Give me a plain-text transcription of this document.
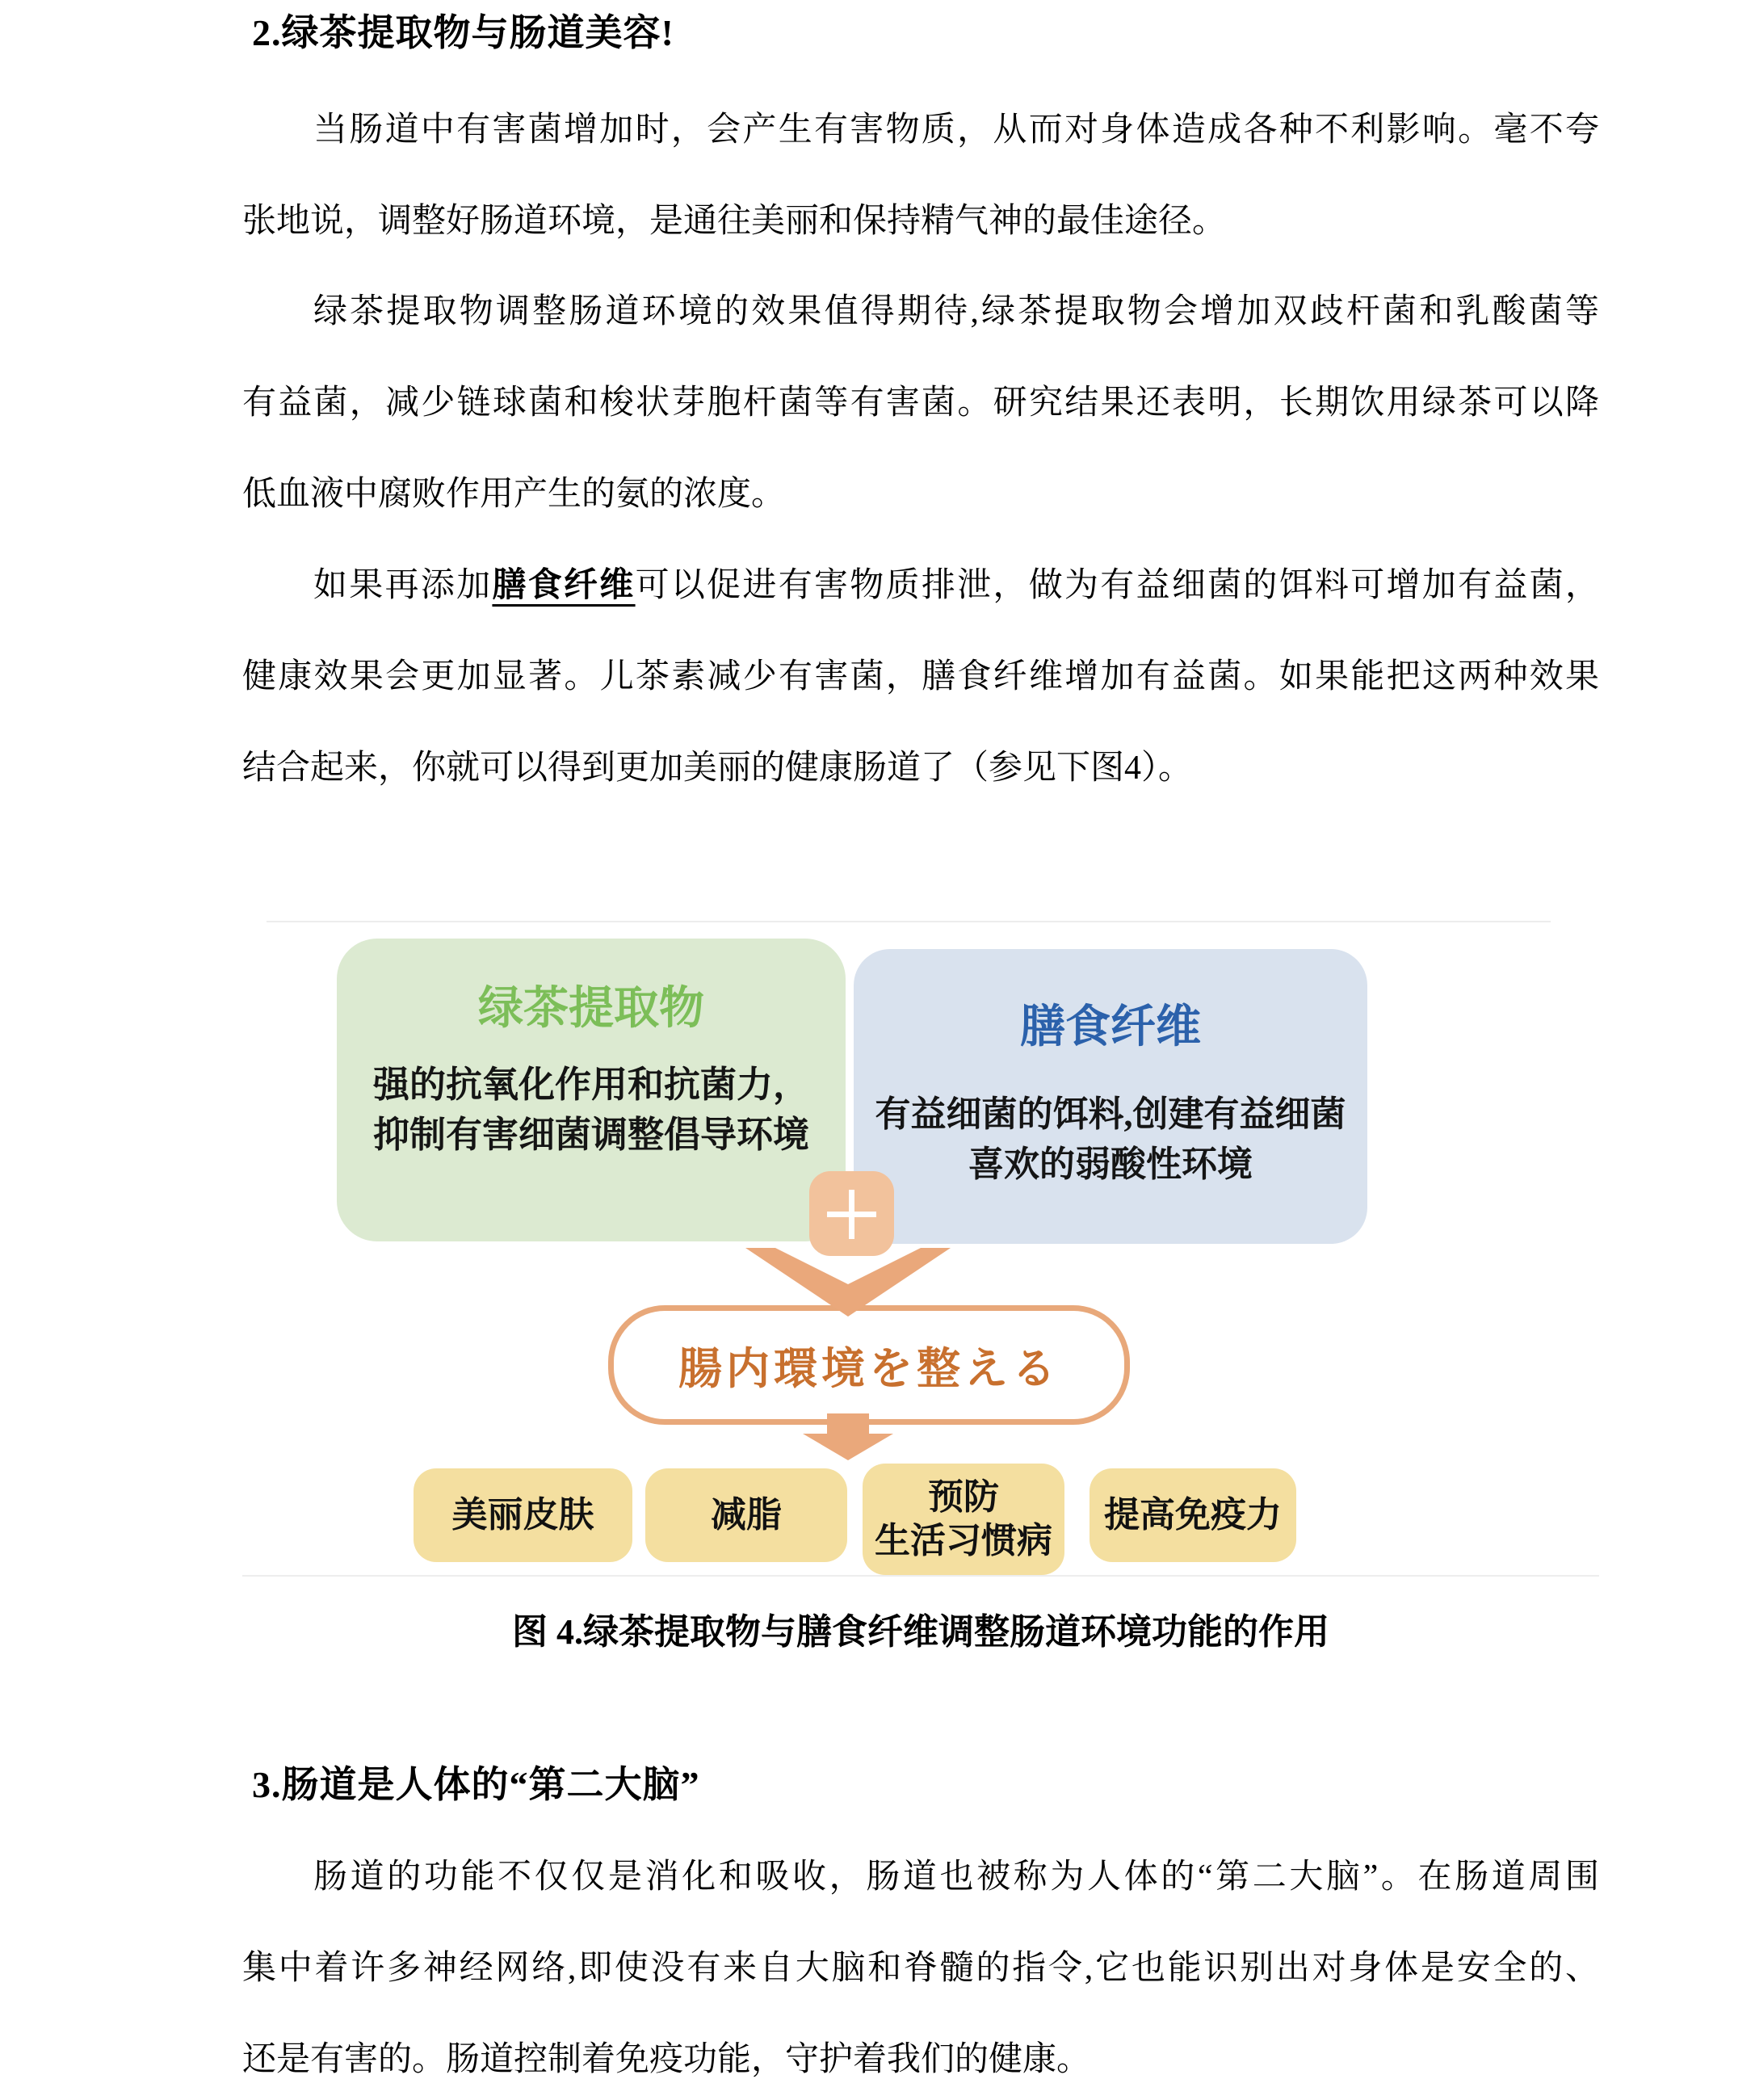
2.绿茶提取物与肠道美容!
当肠道中有害菌增加时，会产生有害物质，从而对身体造成各种不利影响。毫不夸
张地说，调整好肠道环境，是通往美丽和保持精气神的最佳途径。
绿茶提取物调整肠道环境的效果值得期待,绿茶提取物会增加双歧杆菌和乳酸菌等
有益菌，减少链球菌和梭状芽胞杆菌等有害菌。研究结果还表明，长期饮用绿茶可以降
低血液中腐败作用产生的氨的浓度。
如果再添加膳食纤维可以促进有害物质排泄，做为有益细菌的饵料可增加有益菌，
健康效果会更加显著。儿茶素减少有害菌，膳食纤维增加有益菌。如果能把这两种效果
结合起来，你就可以得到更加美丽的健康肠道了（参见下图4）。
绿茶提取物
强的抗氧化作用和抗菌力，
抑制有害细菌调整倡导环境
膳食纤维
有益细菌的饵料,创建有益细菌
喜欢的弱酸性环境
腸内環境を整える
美丽皮肤	减脂	预防
生活习惯病
提高免疫力
图 4.绿茶提取物与膳食纤维调整肠道环境功能的作用
3.肠道是人体的“第二大脑”
肠道的功能不仅仅是消化和吸收，肠道也被称为人体的“第二大脑”。在肠道周围
集中着许多神经网络,即使没有来自大脑和脊髓的指令,它也能识别出对身体是安全的、
还是有害的。肠道控制着免疫功能，守护着我们的健康。
